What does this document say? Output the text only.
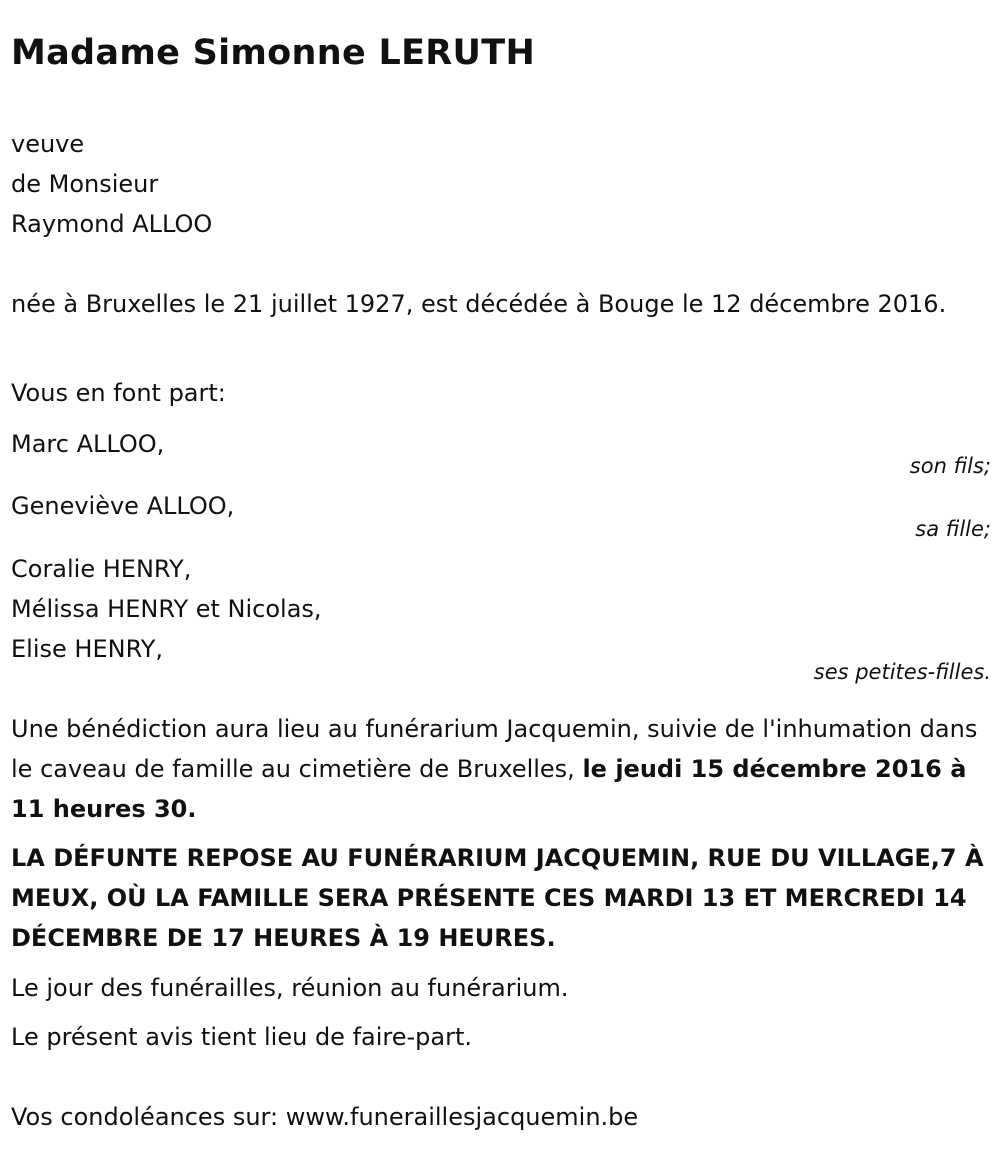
Madame Simonne LERUTH
veuve
de Monsieur
Raymond ALLOO
née à Bruxelles le 21 juillet 1927, est décédée à Bouge le 12 décembre 2016.
Vous en font part:
Marc ALLOO,
son fils;
Geneviève ALLOO,
sa fille;
Coralie HENRY,
Mélissa HENRY et Nicolas,
Elise HENRY,
ses petites-filles.
Une bénédiction aura lieu au funérarium Jacquemin, suivie de l'inhumation dans le caveau de famille au cimetière de Bruxelles, le jeudi 15 décembre 2016 à 11 heures 30.
LA DÉFUNTE REPOSE AU FUNÉRARIUM JACQUEMIN, RUE DU VILLAGE,7 À MEUX, OÙ LA FAMILLE SERA PRÉSENTE CES MARDI 13 ET MERCREDI 14 DÉCEMBRE DE 17 HEURES À 19 HEURES.
Le jour des funérailles, réunion au funérarium.
Le présent avis tient lieu de faire-part.
Vos condoléances sur: www.funeraillesjacquemin.be
